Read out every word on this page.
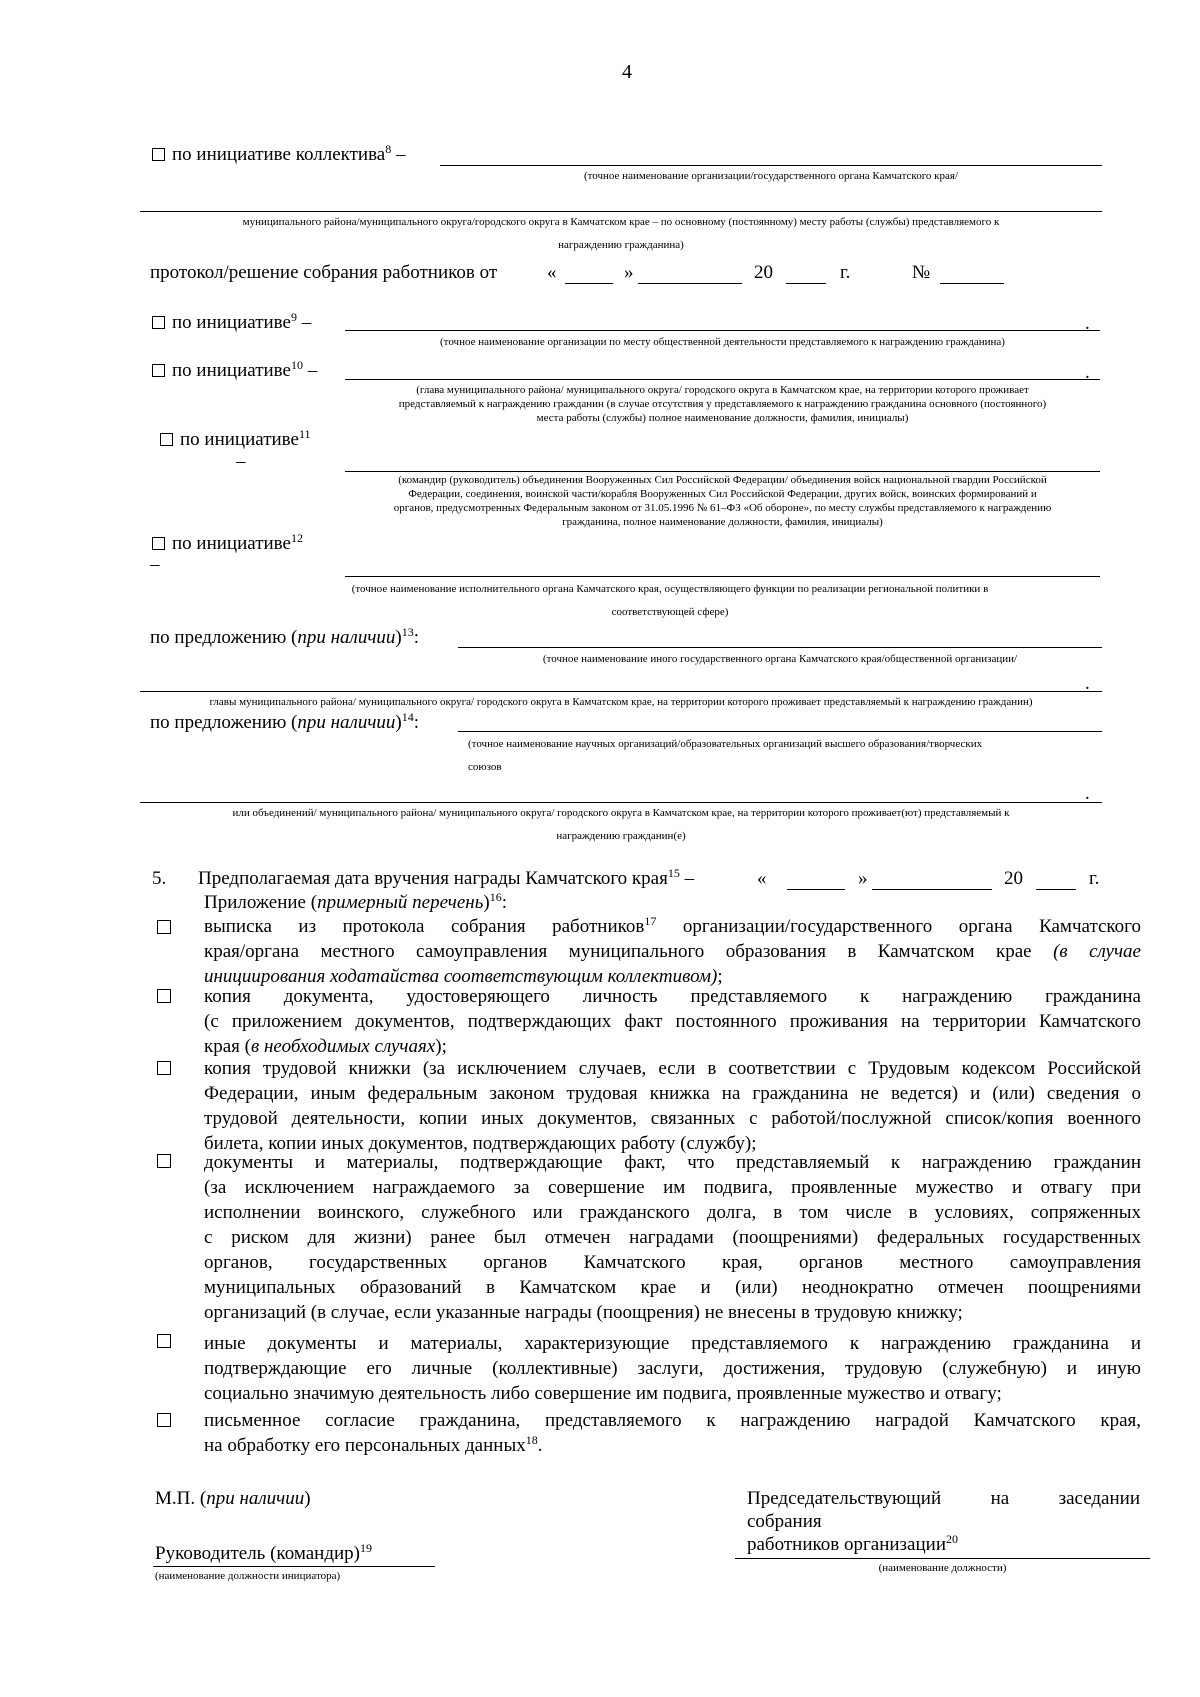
4
по инициативе коллектива$^8$ –
(точное наименование организации/государственного органа Камчатского края/
муниципального района/муниципального округа/городского округа в Камчатском крае – по основному (постоянному) месту работы (службы) представляемого к
награждению гражданина)
протокол/решение собрания работников от	«	»	20	г.	№
по инициативе$^9$ –	.
(точное наименование организации по месту общественной деятельности представляемого к награждению гражданина)
по инициативе$^{10}$ –	.
(глава муниципального района/ муниципального округа/ городского округа в Камчатском крае, на территории которого проживает
представляемый к награждению гражданин (в случае отсутствия у представляемого к награждению гражданина основного (постоянного)
места работы (службы) полное наименование должности, фамилия, инициалы)
по инициативе$^{11}$
–
(командир (руководитель) объединения Вооруженных Сил Российской Федерации/ объединения войск национальной гвардии Российской
Федерации, соединения, воинской части/корабля Вооруженных Сил Российской Федерации, других войск, воинских формирований и
органов, предусмотренных Федеральным законом от 31.05.1996 № 61–ФЗ «Об обороне», по месту службы представляемого к награждению
гражданина, полное наименование должности, фамилия, инициалы)
по инициативе$^{12}$
–
(точное наименование исполнительного органа Камчатского края, осуществляющего функции по реализации региональной политики в
соответствующей сфере)
по предложению (при наличии)$^{13}$:
(точное наименование иного государственного органа Камчатского края/общественной организации/
.
главы муниципального района/ муниципального округа/ городского округа в Камчатском крае, на территории которого проживает представляемый к награждению гражданин)
по предложению (при наличии)$^{14}$:
(точное наименование научных организаций/образовательных организаций высшего образования/творческих
союзов
.
или объединений/ муниципального района/ муниципального округа/ городского округа в Камчатском крае, на территории которого проживает(ют) представляемый к
награждению гражданин(е)
5. Предполагаемая дата вручения награды Камчатского края$^{15}$ –	«	»	20	г.
Приложение (примерный перечень)$^{16}$:
выписка из протокола собрания работников$^{17}$ организации/государственного органа Камчатского
края/органа местного самоуправления муниципального образования в Камчатском крае (в случае
инициирования ходатайства соответствующим коллективом);
копия документа, удостоверяющего личность представляемого к награждению гражданина
(с приложением документов, подтверждающих факт постоянного проживания на территории Камчатского
края (в необходимых случаях);
копия трудовой книжки (за исключением случаев, если в соответствии с Трудовым кодексом Российской
Федерации, иным федеральным законом трудовая книжка на гражданина не ведется) и (или) сведения о
трудовой деятельности, копии иных документов, связанных с работой/послужной список/копия военного
билета, копии иных документов, подтверждающих работу (службу);
документы и материалы, подтверждающие факт, что представляемый к награждению гражданин
(за исключением награждаемого за совершение им подвига, проявленные мужество и отвагу при
исполнении воинского, служебного или гражданского долга, в том числе в условиях, сопряженных
с риском для жизни) ранее был отмечен наградами (поощрениями) федеральных государственных
органов, государственных органов Камчатского края, органов местного самоуправления
муниципальных образований в Камчатском крае и (или) неоднократно отмечен поощрениями
организаций (в случае, если указанные награды (поощрения) не внесены в трудовую книжку;
иные документы и материалы, характеризующие представляемого к награждению гражданина и
подтверждающие его личные (коллективные) заслуги, достижения, трудовую (служебную) и иную
социально значимую деятельность либо совершение им подвига, проявленные мужество и отвагу;
письменное согласие гражданина, представляемого к награждению наградой Камчатского края,
на обработку его персональных данных$^{18}$.
М.П. (при наличии)
Руководитель (командир)$^{19}$
(наименование должности инициатора)
Председательствующий	на	заседании
собрания
работников организации$^{20}$
(наименование должности)
